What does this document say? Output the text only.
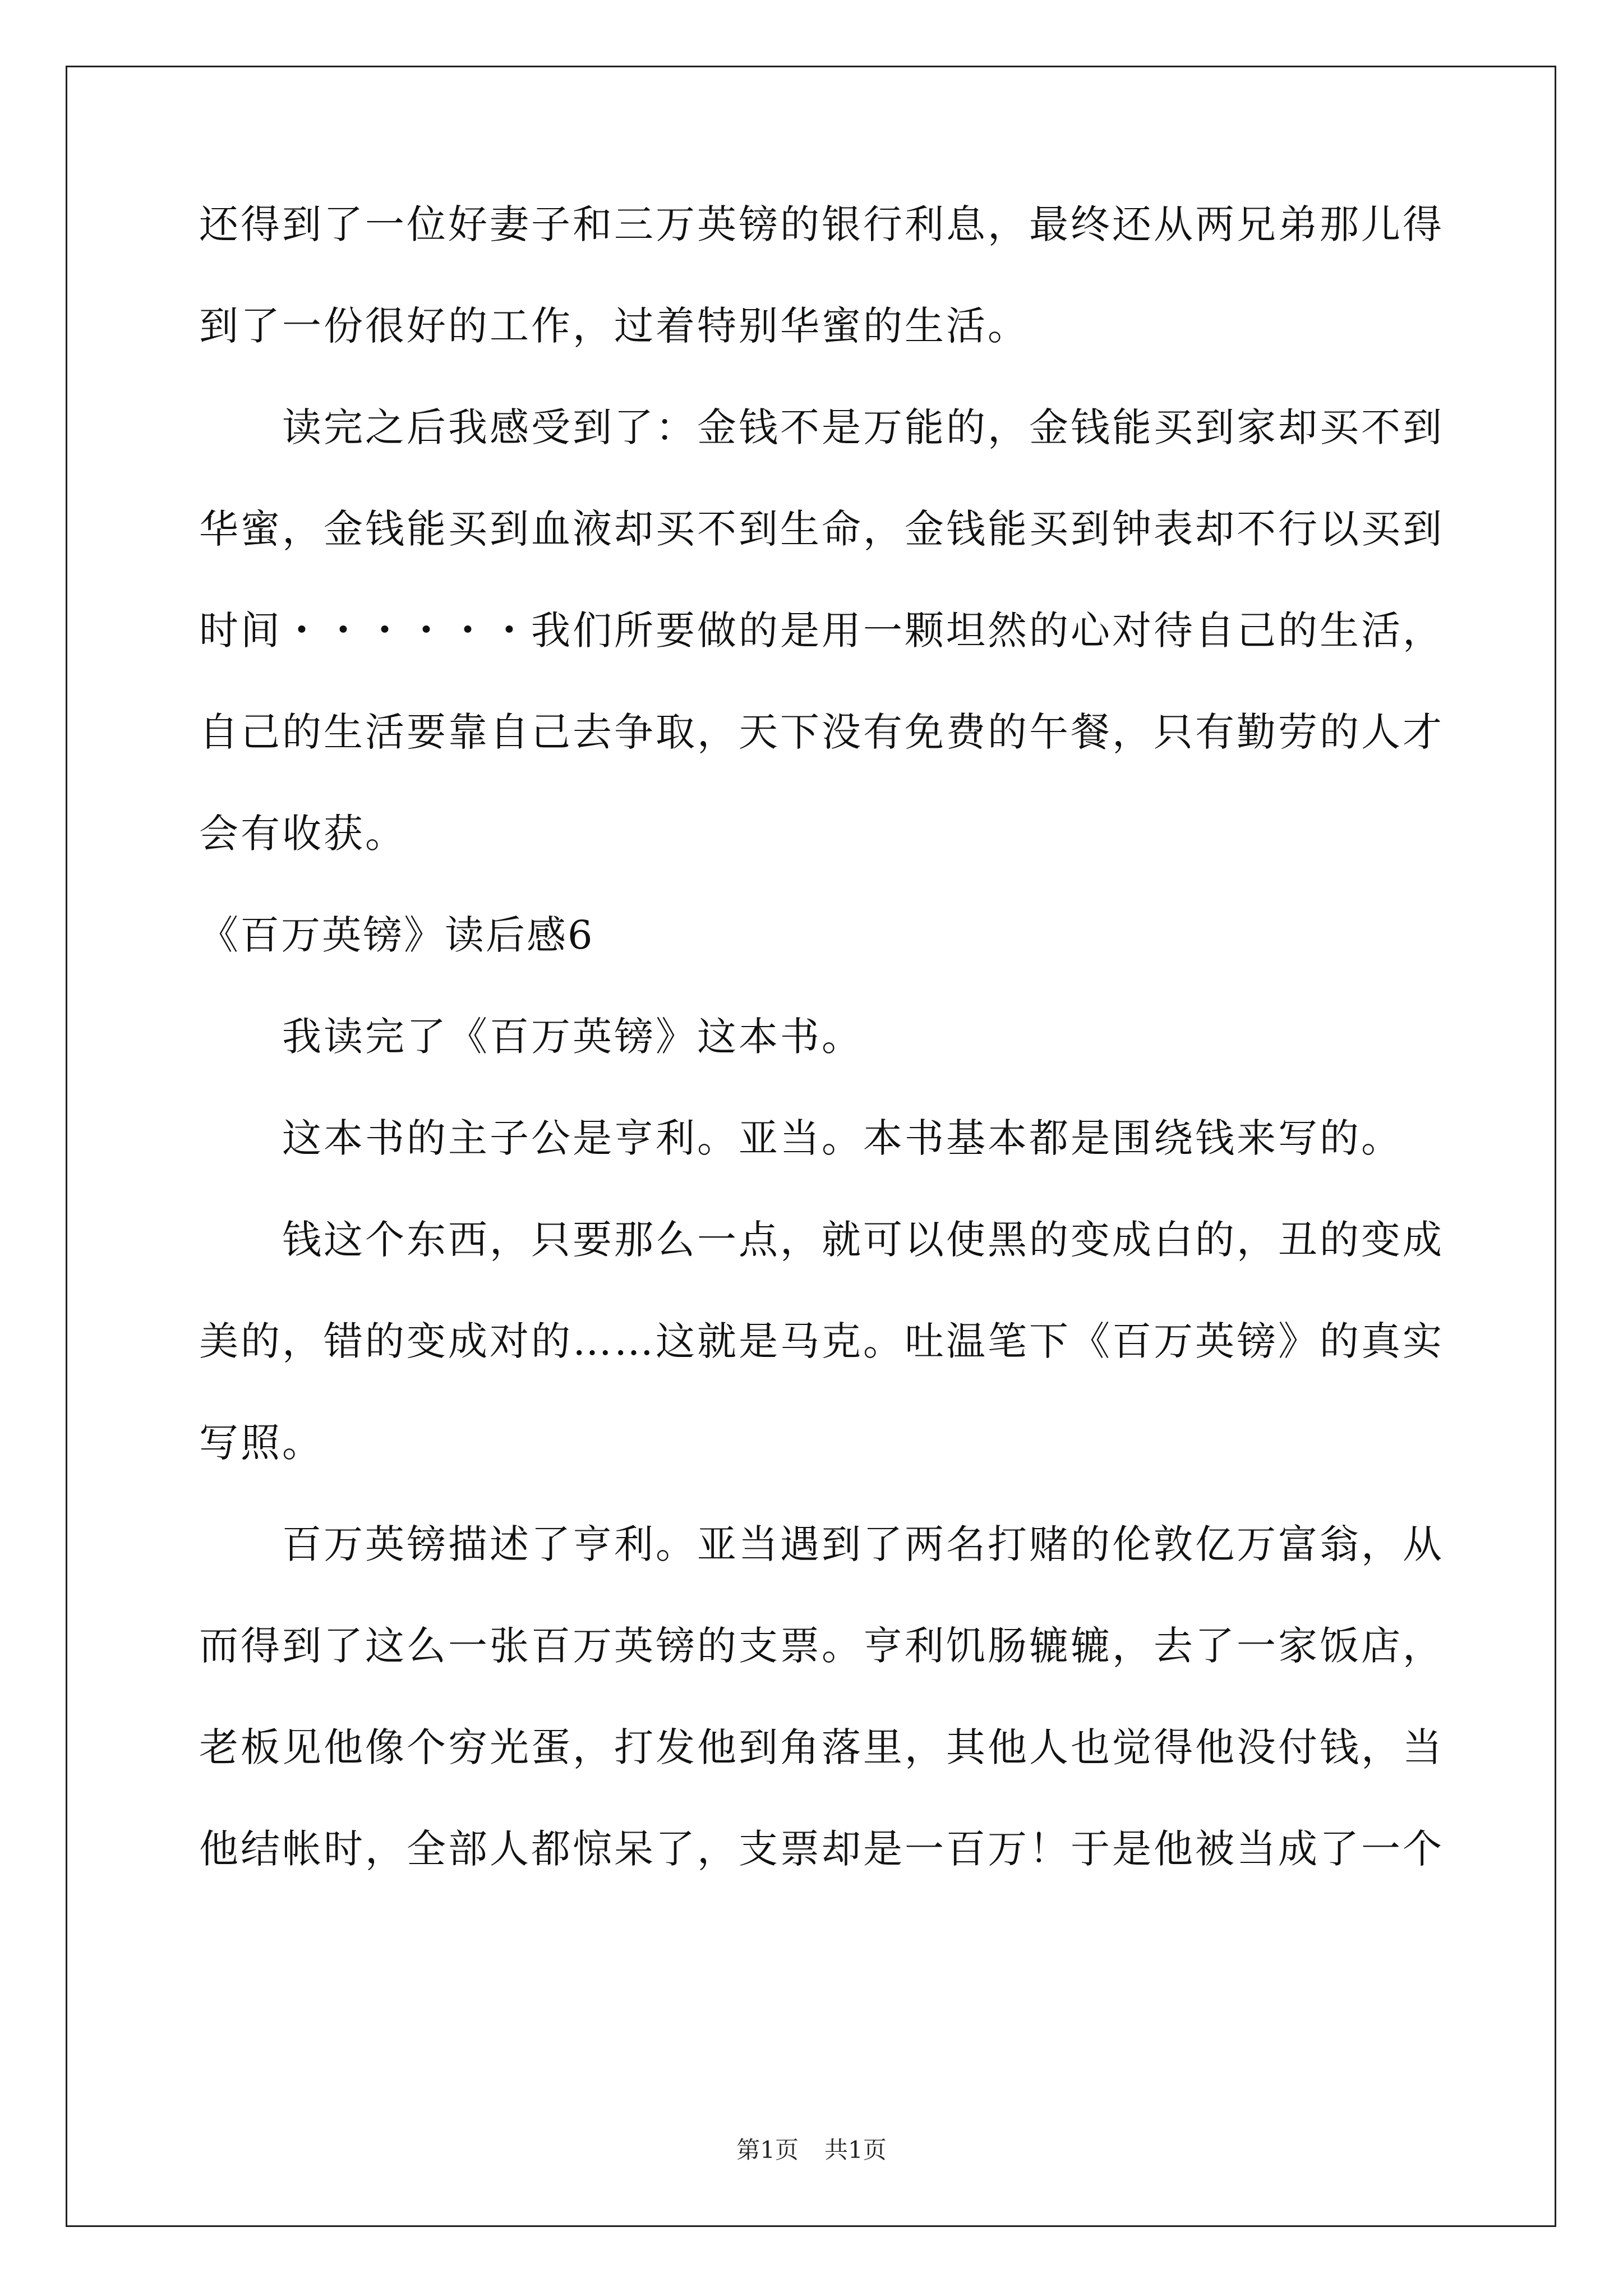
还得到了一位好妻子和三万英镑的银行利息，最终还从两兄弟那儿得
到了一份很好的工作，过着特别华蜜的生活。
读完之后我感受到了：金钱不是万能的，金钱能买到家却买不到
华蜜，金钱能买到血液却买不到生命，金钱能买到钟表却不行以买到
时间・・・・・・我们所要做的是用一颗坦然的心对待自己的生活，
自己的生活要靠自己去争取，天下没有免费的午餐，只有勤劳的人才
会有收获。
《百万英镑》读后感6
我读完了《百万英镑》这本书。
这本书的主子公是亨利。亚当。本书基本都是围绕钱来写的。
钱这个东西，只要那么一点，就可以使黑的变成白的，丑的变成
美的，错的变成对的……这就是马克。吐温笔下《百万英镑》的真实
写照。
百万英镑描述了亨利。亚当遇到了两名打赌的伦敦亿万富翁，从
而得到了这么一张百万英镑的支票。亨利饥肠辘辘，去了一家饭店，
老板见他像个穷光蛋，打发他到角落里，其他人也觉得他没付钱，当
他结帐时，全部人都惊呆了，支票却是一百万！于是他被当成了一个
第1页 共1页
